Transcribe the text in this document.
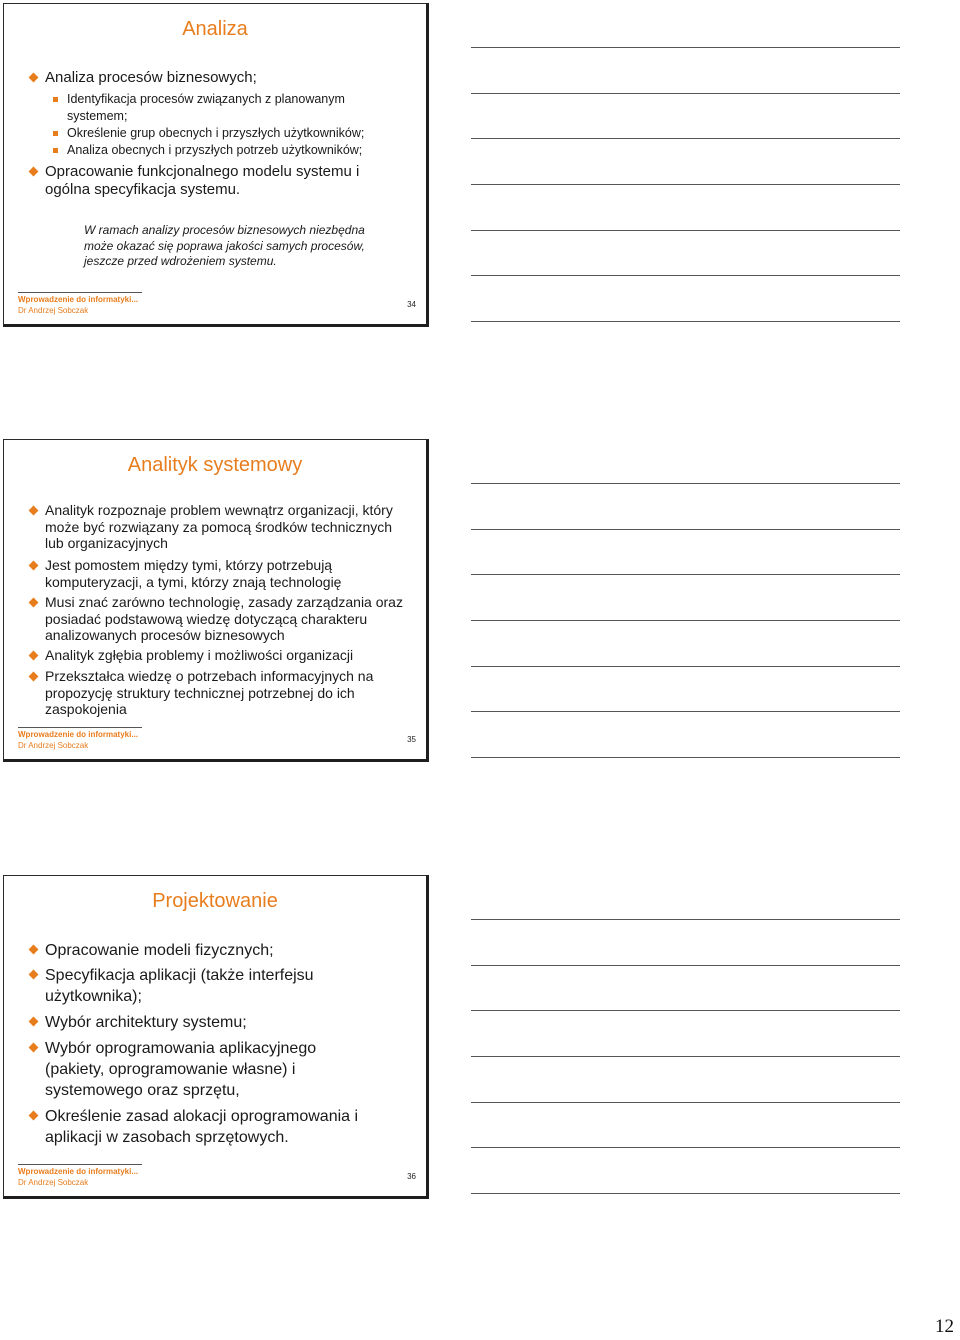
Analiza
Analiza procesów biznesowych;
Identyfikacja procesów związanych z planowanym systemem;
Określenie grup obecnych i przyszłych użytkowników;
Analiza obecnych i przyszłych potrzeb użytkowników;
Opracowanie funkcjonalnego modelu systemu i ogólna specyfikacja systemu.
W ramach analizy procesów biznesowych niezbędna może okazać się poprawa jakości samych procesów, jeszcze przed wdrożeniem systemu.
Wprowadzenie do informatyki...
Dr Andrzej Sobczak
34
Analityk systemowy
Analityk rozpoznaje problem wewnątrz organizacji, który może być rozwiązany za pomocą środków technicznych lub organizacyjnych
Jest pomostem między tymi, którzy potrzebują komputeryzacji, a tymi, którzy znają technologię
Musi znać zarówno technologię, zasady zarządzania oraz posiadać podstawową wiedzę dotyczącą charakteru analizowanych procesów biznesowych
Analityk zgłębia problemy i możliwości organizacji
Przekształca wiedzę o potrzebach informacyjnych na propozycję struktury technicznej potrzebnej do ich zaspokojenia
Wprowadzenie do informatyki...
Dr Andrzej Sobczak
35
Projektowanie
Opracowanie modeli fizycznych;
Specyfikacja aplikacji (także interfejsu użytkownika);
Wybór architektury systemu;
Wybór oprogramowania aplikacyjnego (pakiety, oprogramowanie własne) i systemowego oraz sprzętu,
Określenie zasad alokacji oprogramowania i aplikacji w zasobach sprzętowych.
Wprowadzenie do informatyki...
Dr Andrzej Sobczak
36
12
